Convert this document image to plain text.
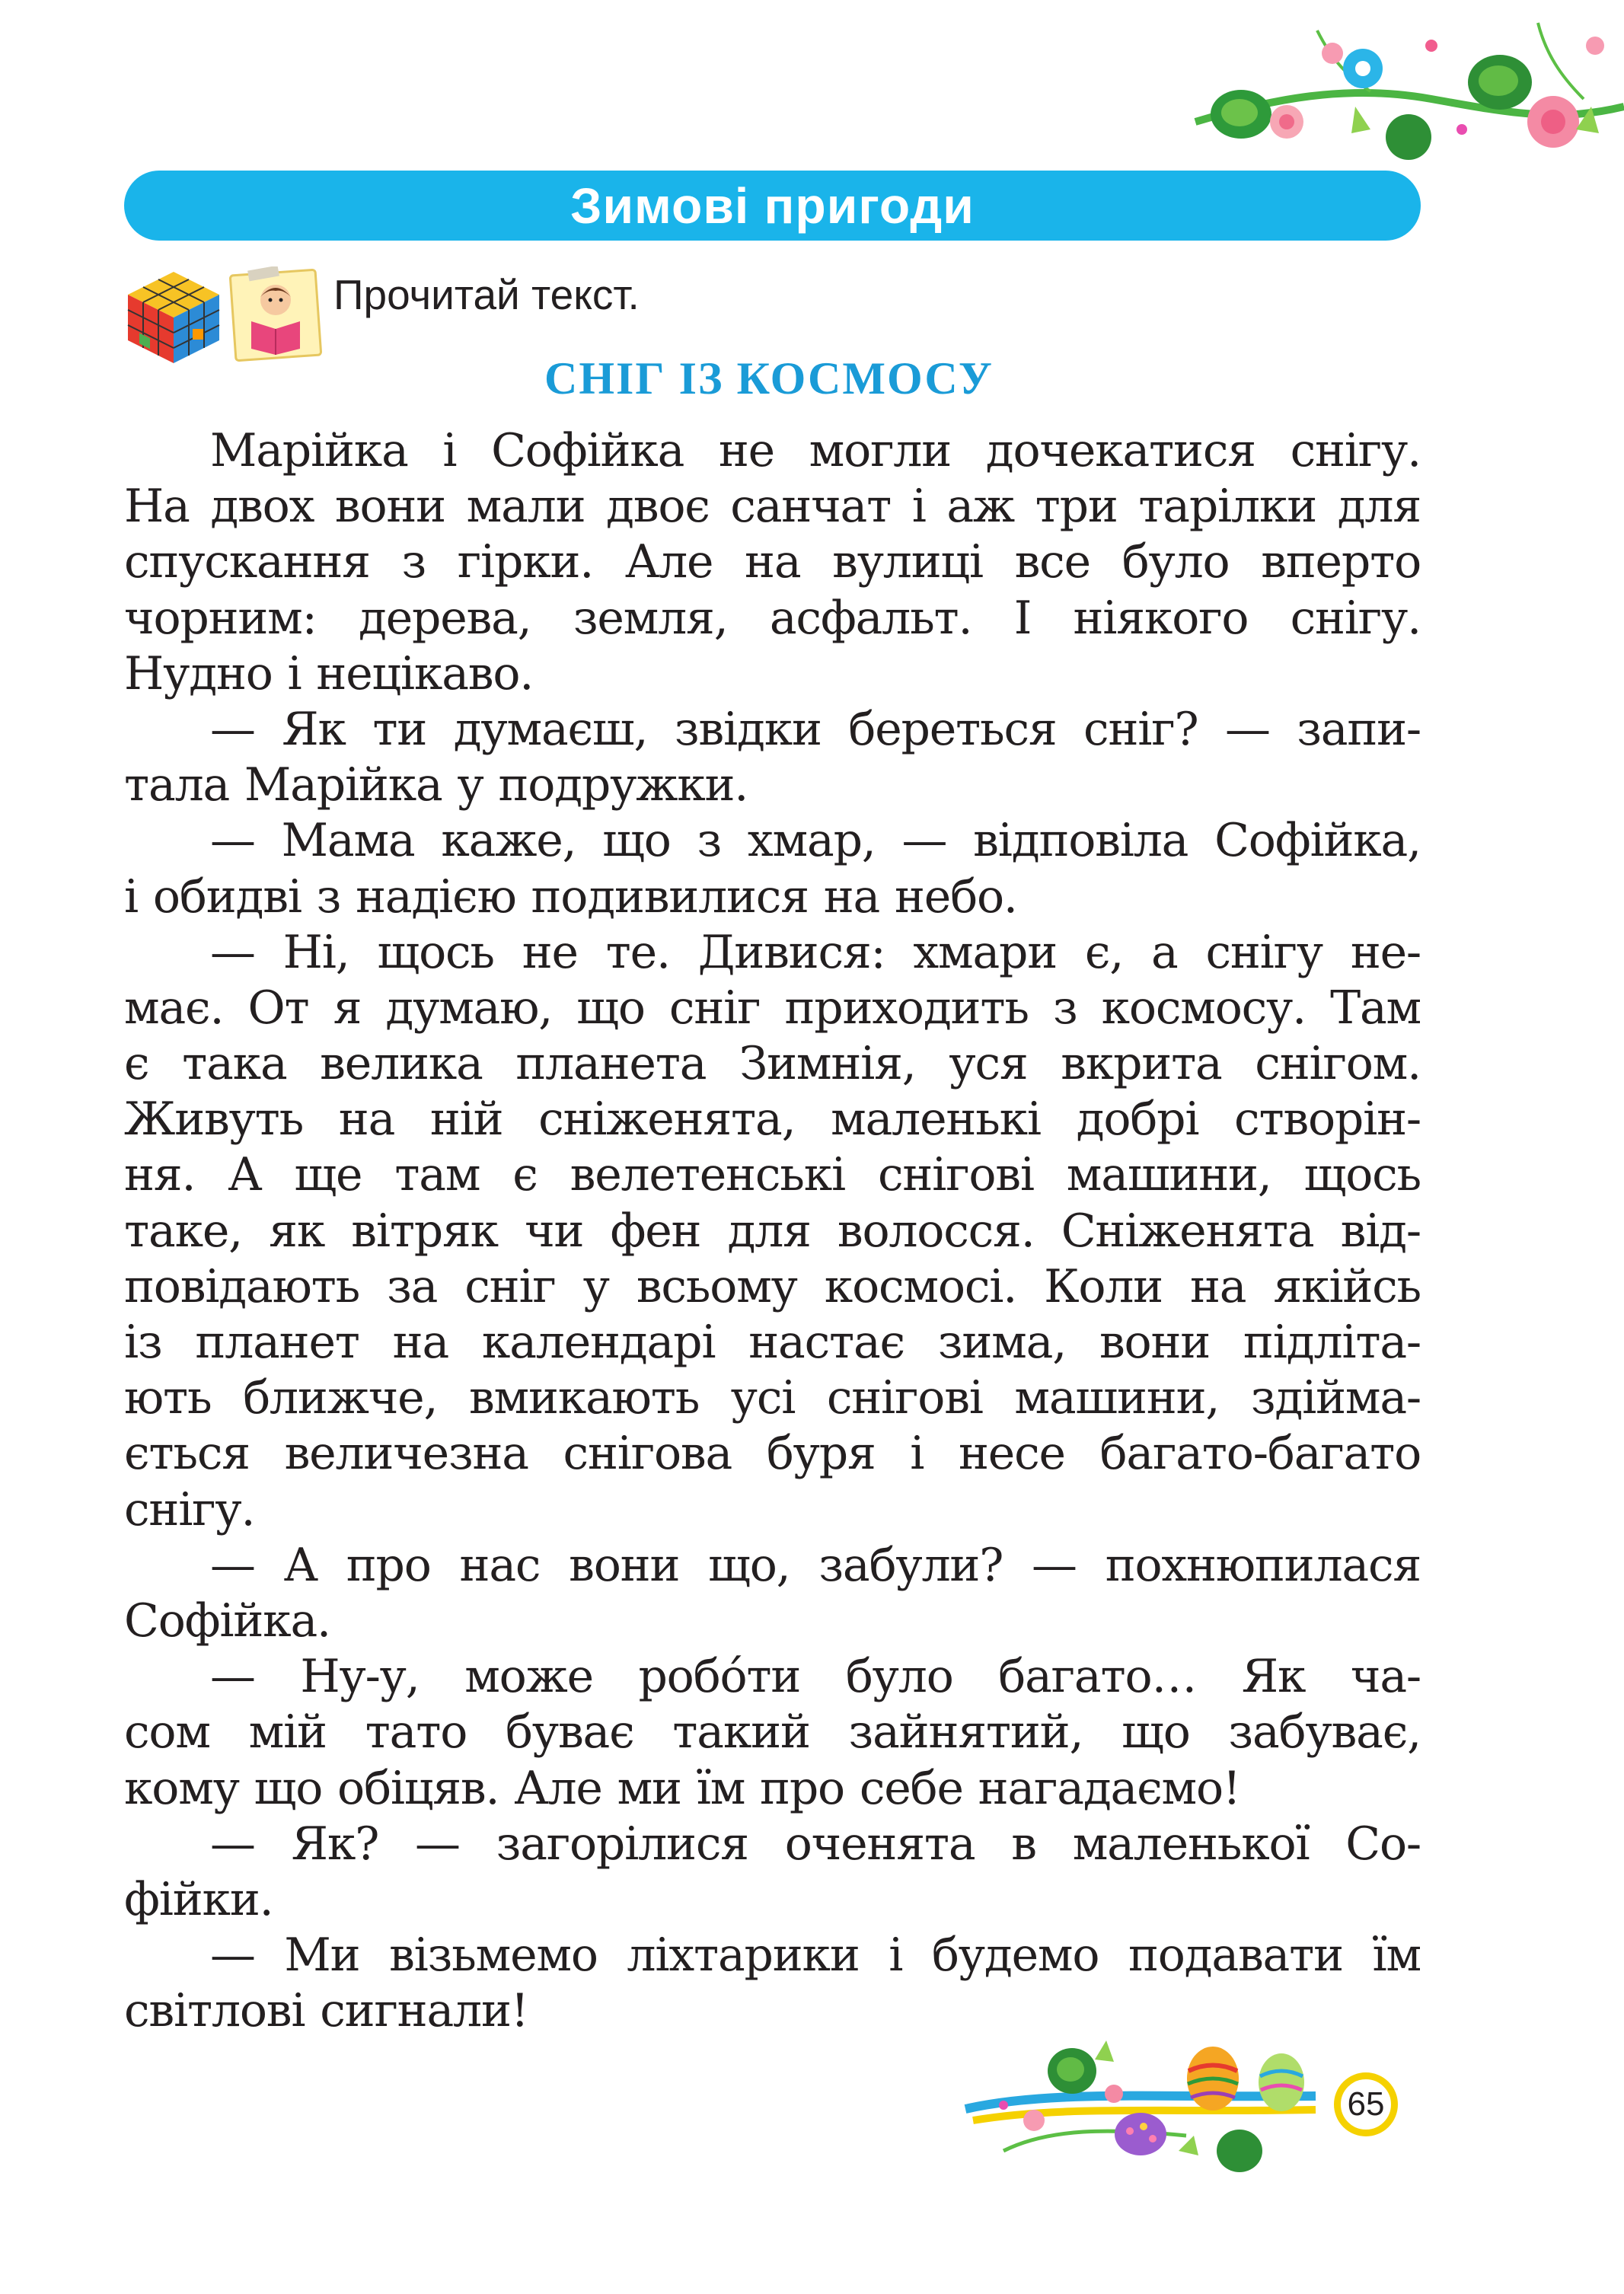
Зимові пригоди
Прочитай текст.
СНІГ ІЗ КОСМОСУ
Марійка і Софійка не могли дочекатися снігу.
На двох вони мали двоє санчат і аж три тарілки для
спускання з гірки. Але на вулиці все було вперто
чорним: дерева, земля, асфальт. І ніякого снігу.
Нудно і нецікаво.
— Як ти думаєш, звідки береться сніг? — запи-
тала Марійка у подружки.
— Мама каже, що з хмар, — відповіла Софійка,
і обидві з надією подивилися на небо.
— Ні, щось не те. Дивися: хмари є, а снігу не-
має. От я думаю, що сніг приходить з космосу. Там
є така велика планета Зимнія, уся вкрита снігом.
Живуть на ній сніженята, маленькі добрі створін-
ня. А ще там є велетенські снігові машини, щось
таке, як вітряк чи фен для волосся. Сніженята від-
повідають за сніг у всьому космосі. Коли на якійсь
із планет на календарі настає зима, вони підліта-
ють ближче, вмикають усі снігові машини, здійма-
ється величезна снігова буря і несе багато-багато
снігу.
— А про нас вони що, забули? — похнюпилася
Софійка.
— Ну-у, може робóти було багато… Як ча-
сом мій тато буває такий зайнятий, що забуває,
кому що обіцяв. Але ми їм про себе нагадаємо!
— Як? — загорілися оченята в маленької Со-
фійки.
— Ми візьмемо ліхтарики і будемо подавати їм
світлові сигнали!
65
